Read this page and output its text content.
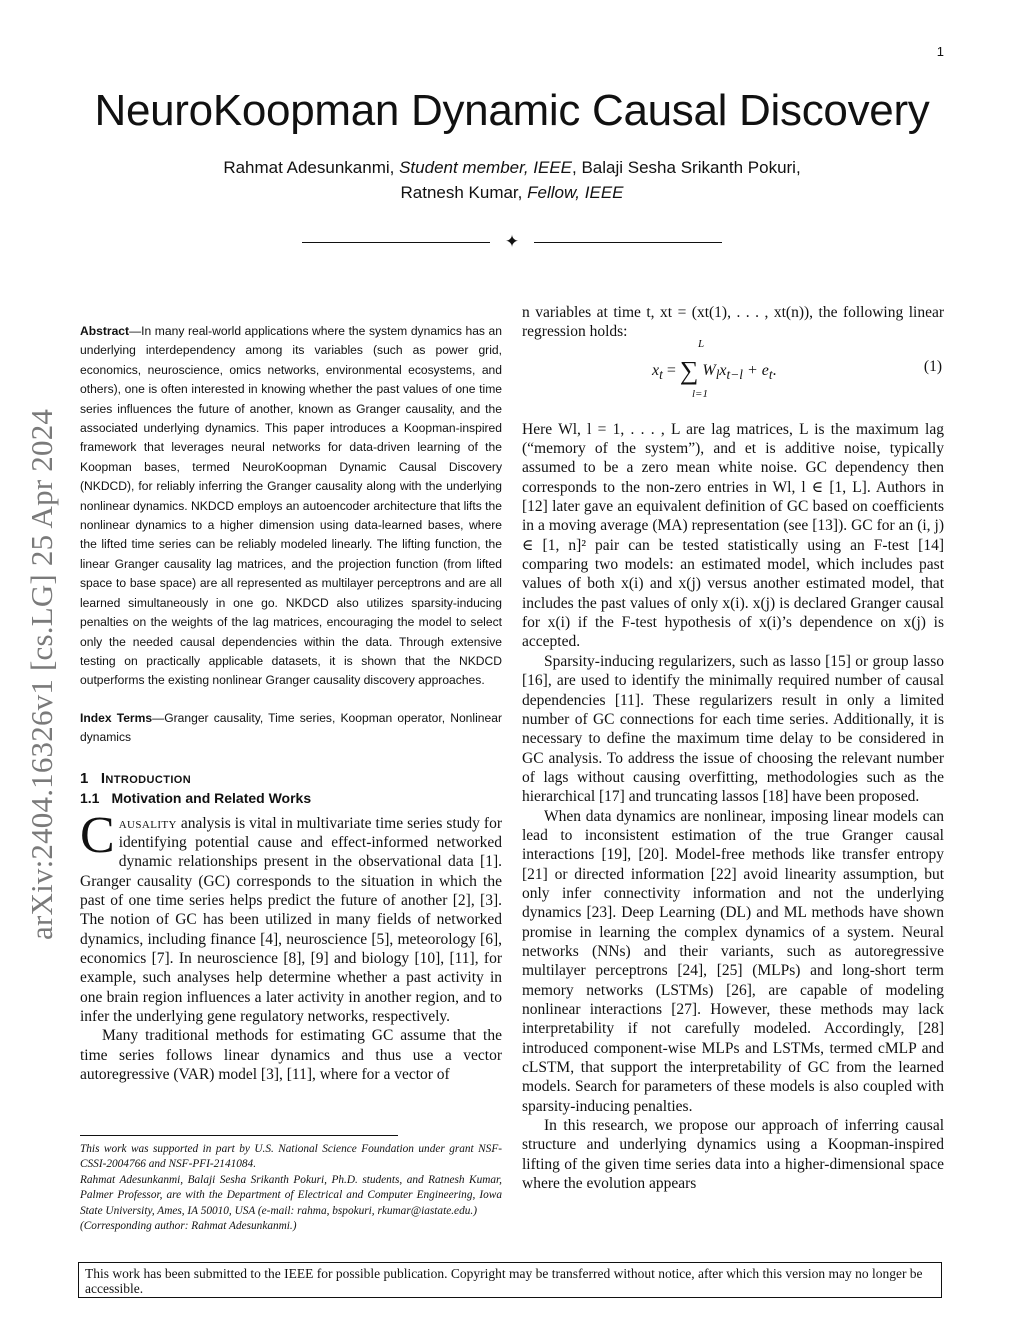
1
NeuroKoopman Dynamic Causal Discovery
Rahmat Adesunkanmi, Student member, IEEE, Balaji Sesha Srikanth Pokuri,
Ratnesh Kumar, Fellow, IEEE
✦
arXiv:2404.16326v1 [cs.LG] 25 Apr 2024

Abstract—In many real-world applications where the system dynamics has an underlying interdependency among its variables (such as power grid, economics, neuroscience, omics networks, environmental ecosystems, and others), one is often interested in knowing whether the past values of one time series influences the future of another, known as Granger causality, and the associated underlying dynamics. This paper introduces a Koopman-inspired framework that leverages neural networks for data-driven learning of the Koopman bases, termed NeuroKoopman Dynamic Causal Discovery (NKDCD), for reliably inferring the Granger causality along with the underlying nonlinear dynamics. NKDCD employs an autoencoder architecture that lifts the nonlinear dynamics to a higher dimension using data-learned bases, where the lifted time series can be reliably modeled linearly. The lifting function, the linear Granger causality lag matrices, and the projection function (from lifted space to base space) are all represented as multilayer perceptrons and are all learned simultaneously in one go. NKDCD also utilizes sparsity-inducing penalties on the weights of the lag matrices, encouraging the model to select only the needed causal dependencies within the data. Through extensive testing on practically applicable datasets, it is shown that the NKDCD outperforms the existing nonlinear Granger causality discovery approaches.

Index Terms—Granger causality, Time series, Koopman operator, Nonlinear dynamics

1 Introduction
1.1 Motivation and Related Works

Causality analysis is vital in multivariate time series study for identifying potential cause and effect-informed networked dynamic relationships present in the observational data [1]. Granger causality (GC) corresponds to the situation in which the past of one time series helps predict the future of another [2], [3]. The notion of GC has been utilized in many fields of networked dynamics, including finance [4], neuroscience [5], meteorology [6], economics [7]. In neuroscience [8], [9] and biology [10], [11], for example, such analyses help determine whether a past activity in one brain region influences a later activity in another region, and to infer the underlying gene regulatory networks, respectively.

Many traditional methods for estimating GC assume that the time series follows linear dynamics and thus use a vector autoregressive (VAR) model [3], [11], where for a vector of

This work was supported in part by U.S. National Science Foundation under grant NSF-CSSI-2004766 and NSF-PFI-2141084.

Rahmat Adesunkanmi, Balaji Sesha Srikanth Pokuri, Ph.D. students, and Ratnesh Kumar, Palmer Professor, are with the Department of Electrical and Computer Engineering, Iowa State University, Ames, IA 50010, USA (e-mail: rahma, bspokuri, rkumar@iastate.edu.)

(Corresponding author: Rahmat Adesunkanmi.)

n variables at time t, xt = (xt(1), . . . , xt(n)), the following linear regression holds:

L
$x_t$ = ∑ $W_lx_{t-l} + e_t$.
l=1
(1)

Here Wl, l = 1, . . . , L are lag matrices, L is the maximum lag (“memory of the system”), and et is additive noise, typically assumed to be a zero mean white noise. GC dependency then corresponds to the non-zero entries in Wl, l ∈ [1, L]. Authors in [12] later gave an equivalent definition of GC based on coefficients in a moving average (MA) representation (see [13]). GC for an (i, j) ∈ [1, n]² pair can be tested statistically using an F-test [14] comparing two models: an estimated model, which includes past values of both x(i) and x(j) versus another estimated model, that includes the past values of only x(i). x(j) is declared Granger causal for x(i) if the F-test hypothesis of x(i)’s dependence on x(j) is accepted.

Sparsity-inducing regularizers, such as lasso [15] or group lasso [16], are used to identify the minimally required number of causal dependencies [11]. These regularizers result in only a limited number of GC connections for each time series. Additionally, it is necessary to define the maximum time delay to be considered in GC analysis. To address the issue of choosing the relevant number of lags without causing overfitting, methodologies such as the hierarchical [17] and truncating lassos [18] have been proposed.

When data dynamics are nonlinear, imposing linear models can lead to inconsistent estimation of the true Granger causal interactions [19], [20]. Model-free methods like transfer entropy [21] or directed information [22] avoid linearity assumption, but only infer connectivity information and not the underlying dynamics [23]. Deep Learning (DL) and ML methods have shown promise in learning the complex dynamics of a system. Neural networks (NNs) and their variants, such as autoregressive multilayer perceptrons [24], [25] (MLPs) and long-short term memory networks (LSTMs) [26], are capable of modeling nonlinear interactions [27]. However, these methods may lack interpretability if not carefully modeled. Accordingly, [28] introduced component-wise MLPs and LSTMs, termed cMLP and cLSTM, that support the interpretability of GC from the learned models. Search for parameters of these models is also coupled with sparsity-inducing penalties.

In this research, we propose our approach of inferring causal structure and underlying dynamics using a Koopman-inspired lifting of the given time series data into a higher-dimensional space where the evolution appears

This work has been submitted to the IEEE for possible publication. Copyright may be transferred without notice, after which this version may no longer be accessible.
